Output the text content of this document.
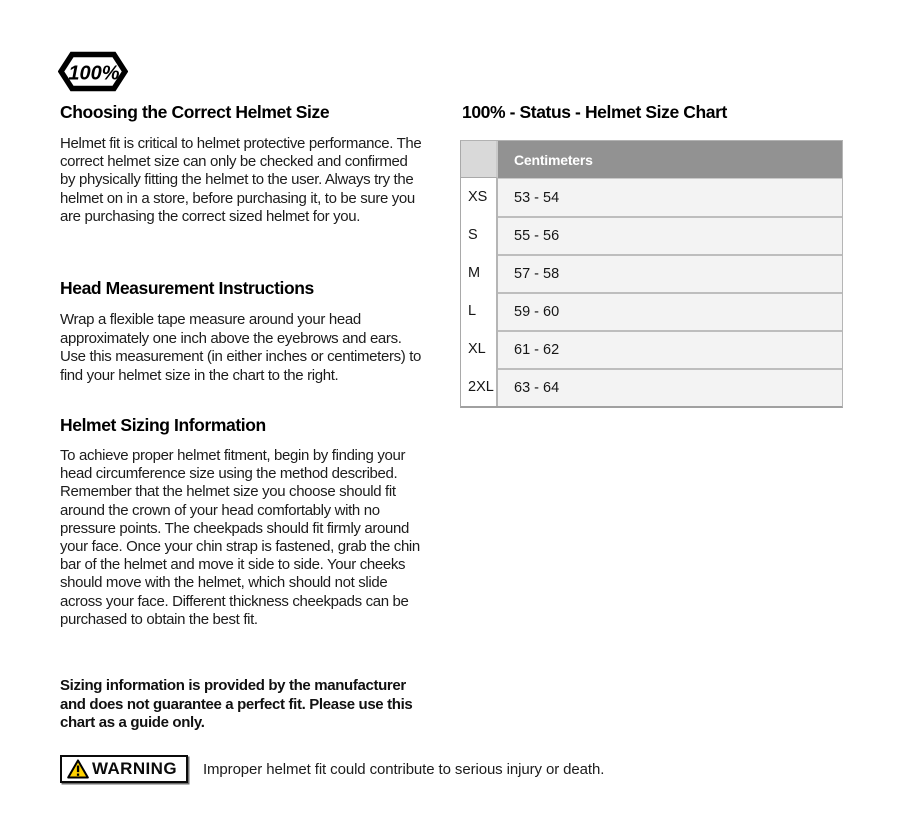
100%
Choosing the Correct Helmet Size

Helmet fit is critical to helmet protective performance. The correct helmet size can only be checked and confirmed by physically fitting the helmet to the user. Always try the helmet on in a store, before purchasing it, to be sure you are purchasing the correct sized helmet for you.

Head Measurement Instructions

Wrap a flexible tape measure around your head approximately one inch above the eyebrows and ears. Use this measurement (in either inches or centimeters) to find your helmet size in the chart to the right.

Helmet Sizing Information

To achieve proper helmet fitment, begin by finding your head circumference size using the method described. Remember that the helmet size you choose should fit around the crown of your head comfortably with no pressure points. The cheekpads should fit firmly around your face. Once your chin strap is fastened, grab the chin bar of the helmet and move it side to side. Your cheeks should move with the helmet, which should not slide across your face. Different thickness cheekpads can be purchased to obtain the best fit.

Sizing information is provided by the manufacturer and does not guarantee a perfect fit. Please use this chart as a guide only.

WARNING Improper helmet fit could contribute to serious injury or death.
100% - Status - Helmet Size Chart
	Centimeters
XS	53 - 54
S	55 - 56
M	57 - 58
L	59 - 60
XL	61 - 62
2XL	63 - 64
